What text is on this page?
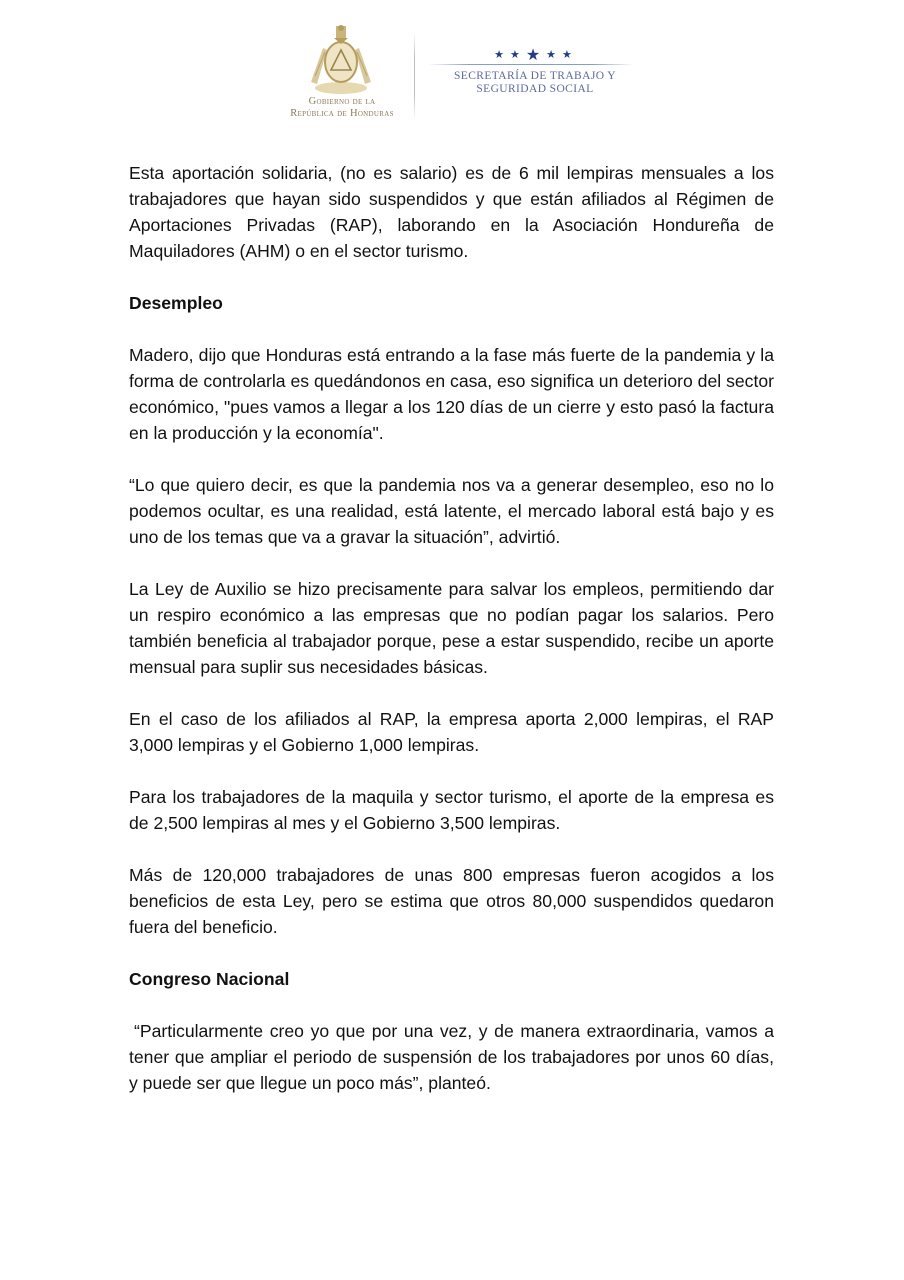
Gobierno de la
República de Honduras
★ ★ ★ ★ ★
SECRETARÍA DE TRABAJO Y
SEGURIDAD SOCIAL

Esta aportación solidaria, (no es salario) es de 6 mil lempiras mensuales a los trabajadores que hayan sido suspendidos y que están afiliados al Régimen de Aportaciones Privadas (RAP), laborando en la Asociación Hondureña de Maquiladores (AHM) o en el sector turismo.

Desempleo

Madero, dijo que Honduras está entrando a la fase más fuerte de la pandemia y la forma de controlarla es quedándonos en casa, eso significa un deterioro del sector económico, "pues vamos a llegar a los 120 días de un cierre y esto pasó la factura en la producción y la economía".

“Lo que quiero decir, es que la pandemia nos va a generar desempleo, eso no lo podemos ocultar, es una realidad, está latente, el mercado laboral está bajo y es uno de los temas que va a gravar la situación”, advirtió.

La Ley de Auxilio se hizo precisamente para salvar los empleos, permitiendo dar un respiro económico a las empresas que no podían pagar los salarios. Pero también beneficia al trabajador porque, pese a estar suspendido, recibe un aporte mensual para suplir sus necesidades básicas.

En el caso de los afiliados al RAP, la empresa aporta 2,000 lempiras, el RAP 3,000 lempiras y el Gobierno 1,000 lempiras.

Para los trabajadores de la maquila y sector turismo, el aporte de la empresa es de 2,500 lempiras al mes y el Gobierno 3,500 lempiras.

Más de 120,000 trabajadores de unas 800 empresas fueron acogidos a los beneficios de esta Ley, pero se estima que otros 80,000 suspendidos quedaron fuera del beneficio.

Congreso Nacional

“Particularmente creo yo que por una vez, y de manera extraordinaria, vamos a tener que ampliar el periodo de suspensión de los trabajadores por unos 60 días, y puede ser que llegue un poco más”, planteó.
